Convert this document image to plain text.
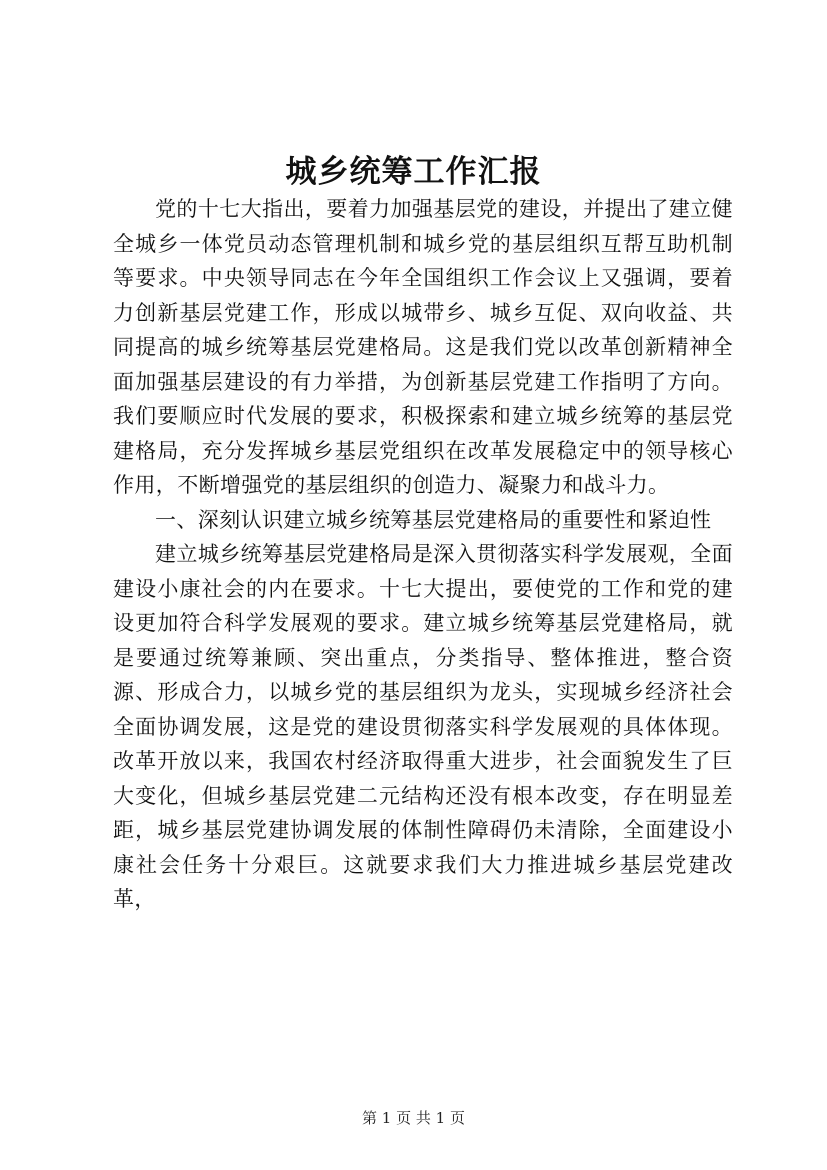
城乡统筹工作汇报

党的十七大指出，要着力加强基层党的建设，并提出了建立健全城乡一体党员动态管理机制和城乡党的基层组织互帮互助机制等要求。中央领导同志在今年全国组织工作会议上又强调，要着力创新基层党建工作，形成以城带乡、城乡互促、双向收益、共同提高的城乡统筹基层党建格局。这是我们党以改革创新精神全面加强基层建设的有力举措，为创新基层党建工作指明了方向。我们要顺应时代发展的要求，积极探索和建立城乡统筹的基层党建格局，充分发挥城乡基层党组织在改革发展稳定中的领导核心作用，不断增强党的基层组织的创造力、凝聚力和战斗力。

一、深刻认识建立城乡统筹基层党建格局的重要性和紧迫性

建立城乡统筹基层党建格局是深入贯彻落实科学发展观，全面建设小康社会的内在要求。十七大提出，要使党的工作和党的建设更加符合科学发展观的要求。建立城乡统筹基层党建格局，就是要通过统筹兼顾、突出重点，分类指导、整体推进，整合资源、形成合力，以城乡党的基层组织为龙头，实现城乡经济社会全面协调发展，这是党的建设贯彻落实科学发展观的具体体现。改革开放以来，我国农村经济取得重大进步，社会面貌发生了巨大变化，但城乡基层党建二元结构还没有根本改变，存在明显差距，城乡基层党建协调发展的体制性障碍仍未清除，全面建设小康社会任务十分艰巨。这就要求我们大力推进城乡基层党建改革，

第 1 页 共 1 页
